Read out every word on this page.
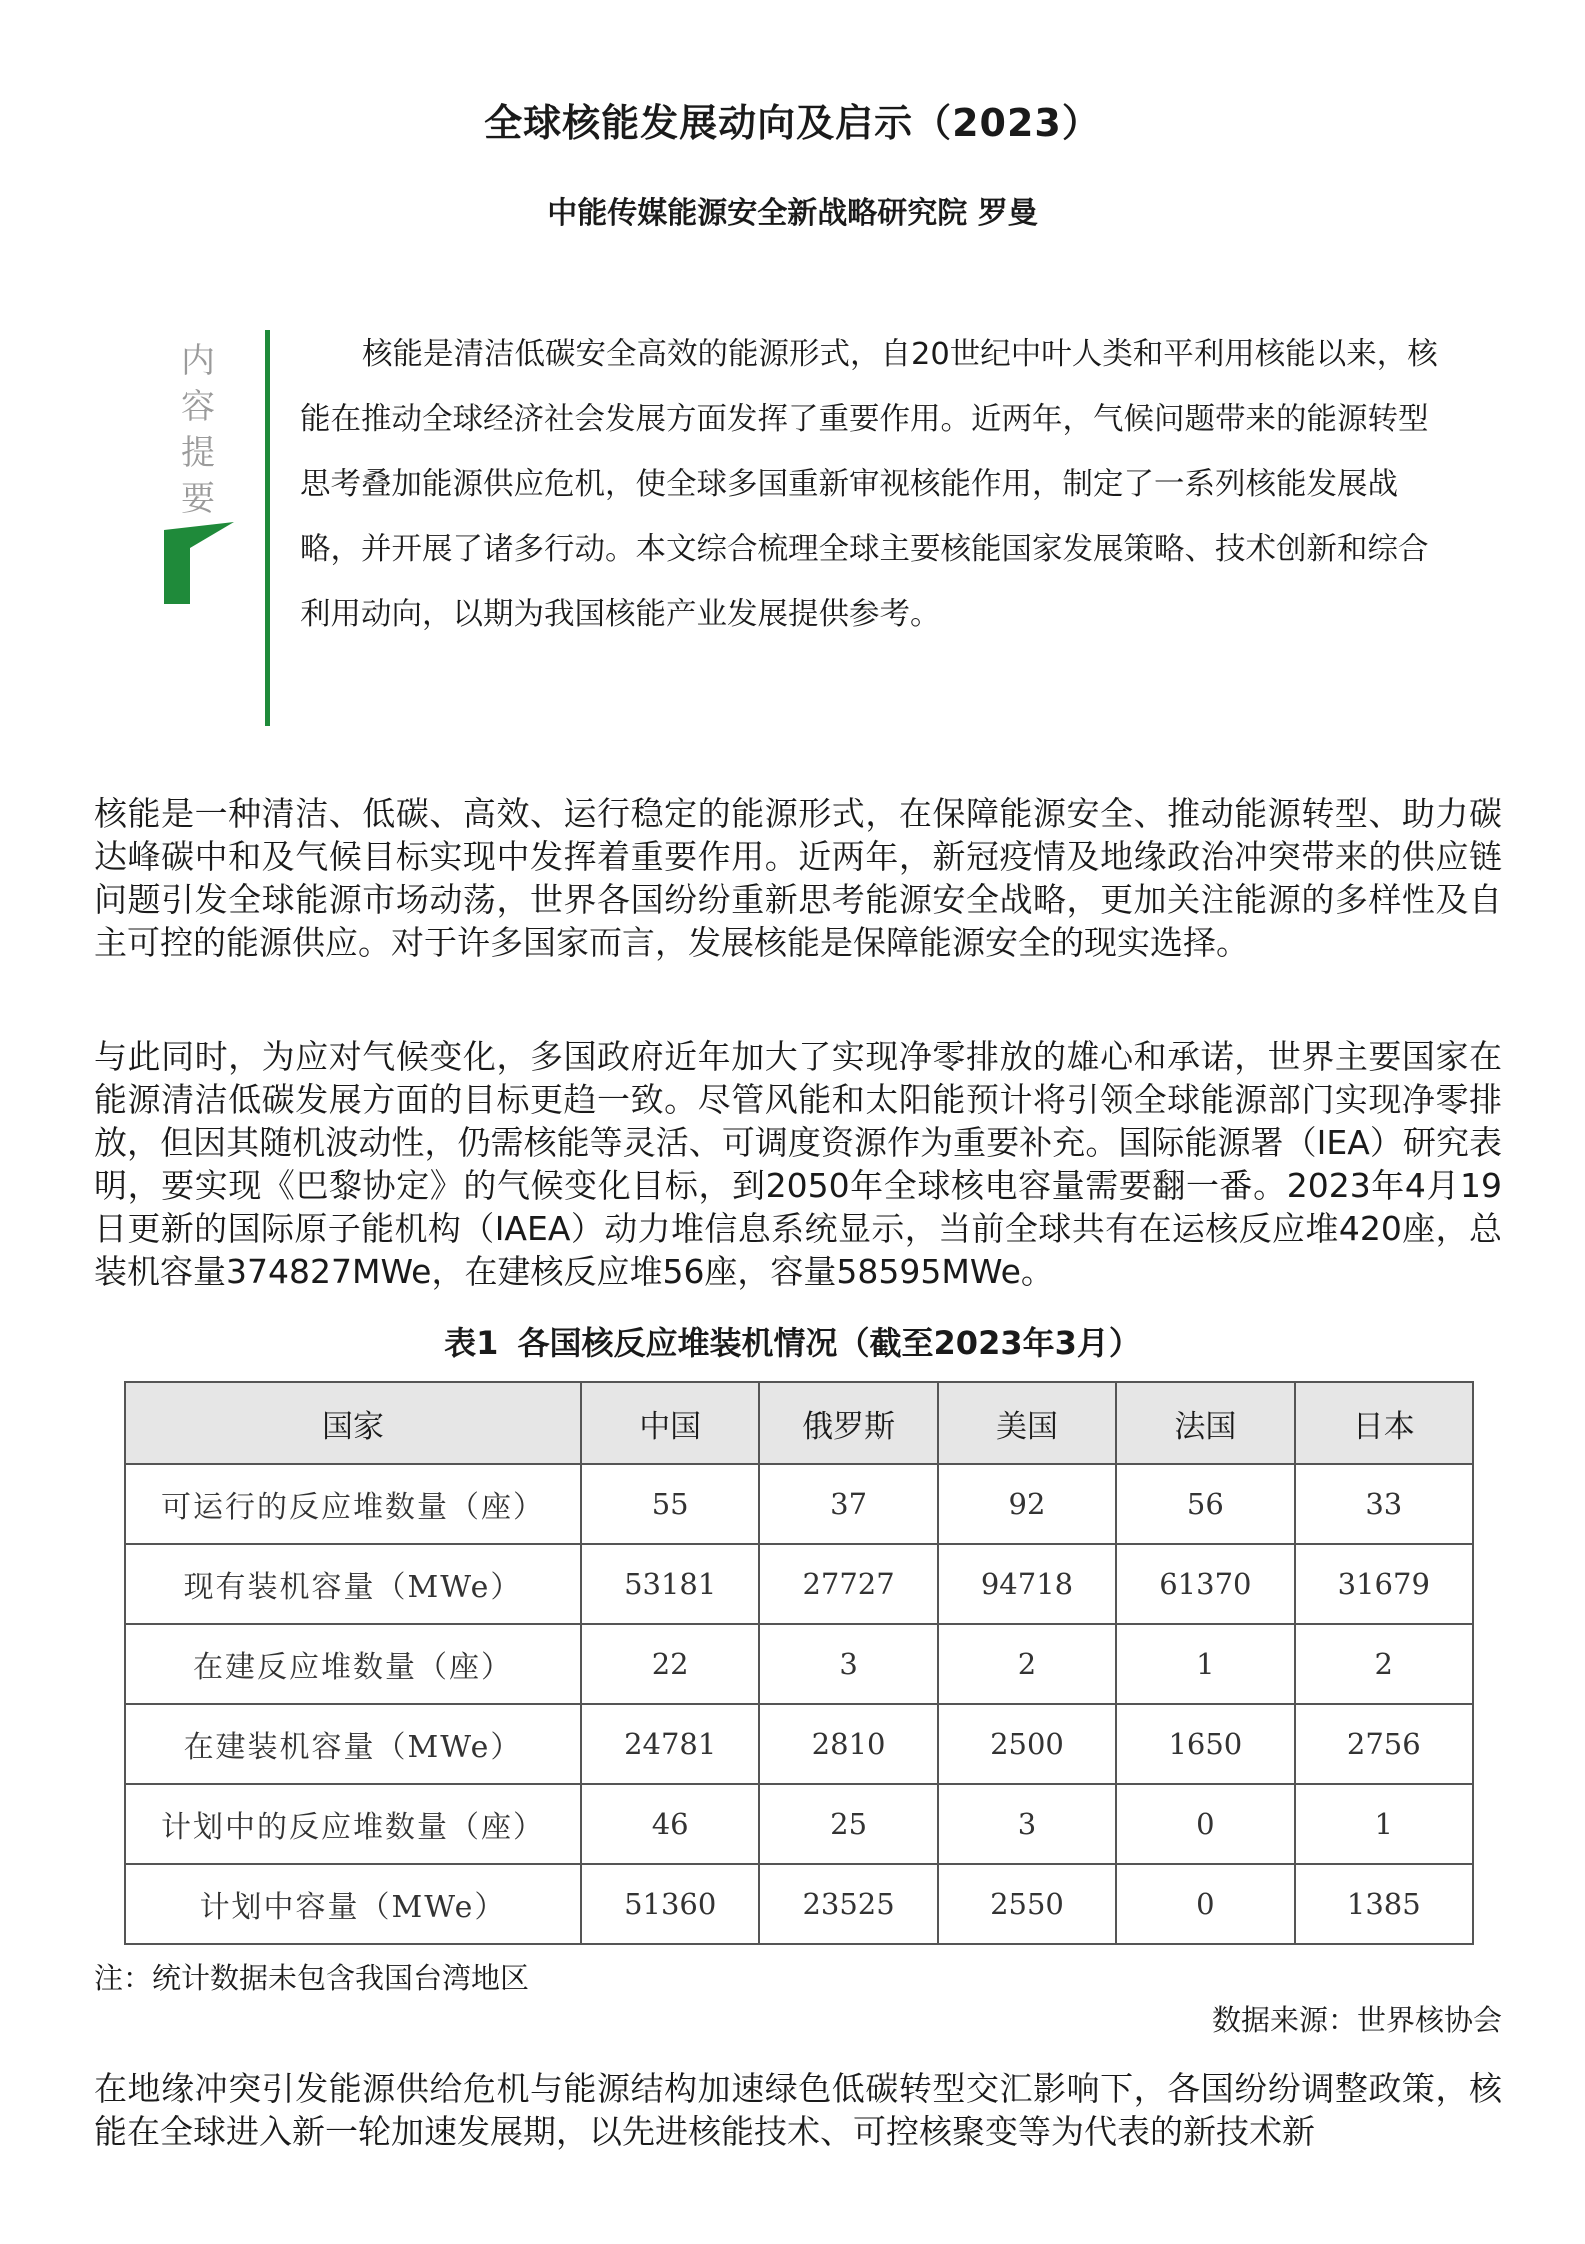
全球核能发展动向及启示（2023）
中能传媒能源安全新战略研究院 罗曼
内
容
提
要

核能是清洁低碳安全高效的能源形式，自20世纪中叶人类和平利用核能以来，核能在推动全球经济社会发展方面发挥了重要作用。近两年，气候问题带来的能源转型思考叠加能源供应危机，使全球多国重新审视核能作用，制定了一系列核能发展战略，并开展了诸多行动。本文综合梳理全球主要核能国家发展策略、技术创新和综合利用动向，以期为我国核能产业发展提供参考。

核能是一种清洁、低碳、高效、运行稳定的能源形式，在保障能源安全、推动能源转型、助力碳达峰碳中和及气候目标实现中发挥着重要作用。近两年，新冠疫情及地缘政治冲突带来的供应链问题引发全球能源市场动荡，世界各国纷纷重新思考能源安全战略，更加关注能源的多样性及自主可控的能源供应。对于许多国家而言，发展核能是保障能源安全的现实选择。

与此同时，为应对气候变化，多国政府近年加大了实现净零排放的雄心和承诺，世界主要国家在能源清洁低碳发展方面的目标更趋一致。尽管风能和太阳能预计将引领全球能源部门实现净零排放，但因其随机波动性，仍需核能等灵活、可调度资源作为重要补充。国际能源署（IEA）研究表明，要实现《巴黎协定》的气候变化目标，到2050年全球核电容量需要翻一番。2023年4月19日更新的国际原子能机构（IAEA）动力堆信息系统显示，当前全球共有在运核反应堆420座，总装机容量374827MWe，在建核反应堆56座，容量58595MWe。

表1 各国核反应堆装机情况（截至2023年3月）

国家	中国	俄罗斯	美国	法国	日本
可运行的反应堆数量（座）	55	37	92	56	33
现有装机容量（MWe）	53181	27727	94718	61370	31679
在建反应堆数量（座）	22	3	2	1	2
在建装机容量（MWe）	24781	2810	2500	1650	2756
计划中的反应堆数量（座）	46	25	3	0	1
计划中容量（MWe）	51360	23525	2550	0	1385

注：统计数据未包含我国台湾地区

数据来源：世界核协会

在地缘冲突引发能源供给危机与能源结构加速绿色低碳转型交汇影响下，各国纷纷调整政策，核能在全球进入新一轮加速发展期，以先进核能技术、可控核聚变等为代表的新技术新
